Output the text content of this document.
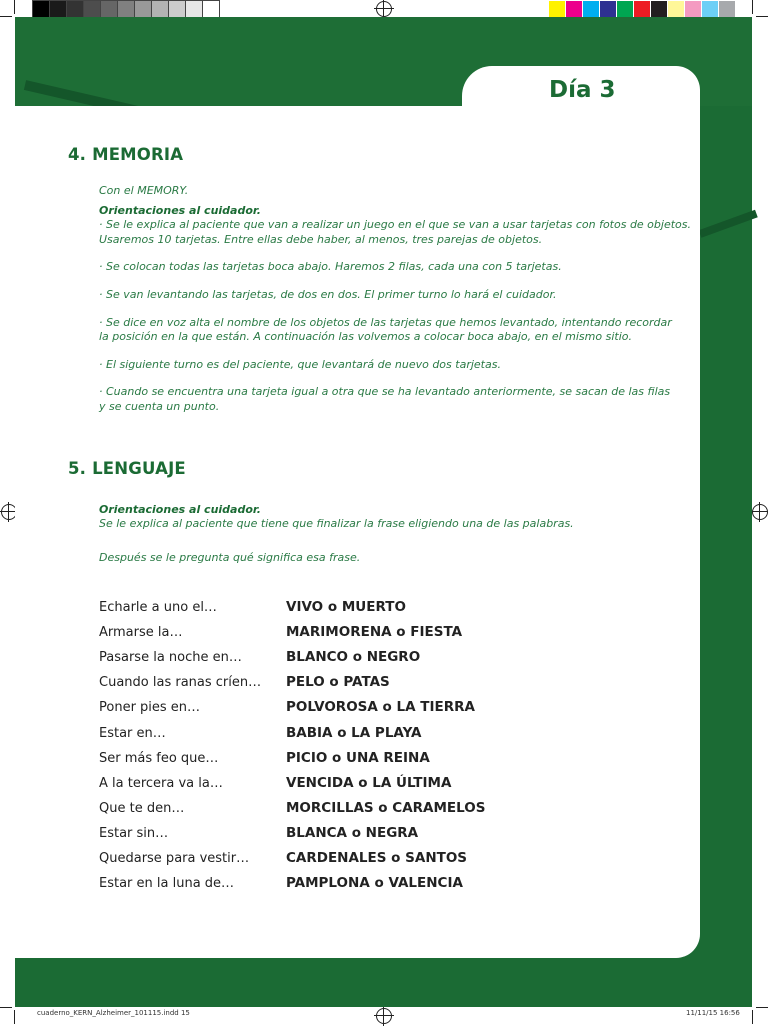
Día 3
4. MEMORIA
Con el MEMORY.
Orientaciones al cuidador.
· Se le explica al paciente que van a realizar un juego en el que se van a usar tarjetas con fotos de objetos.
Usaremos 10 tarjetas. Entre ellas debe haber, al menos, tres parejas de objetos.
· Se colocan todas las tarjetas boca abajo. Haremos 2 filas, cada una con 5 tarjetas.
· Se van levantando las tarjetas, de dos en dos. El primer turno lo hará el cuidador.
· Se dice en voz alta el nombre de los objetos de las tarjetas que hemos levantado, intentando recordar
la posición en la que están. A continuación las volvemos a colocar boca abajo, en el mismo sitio.
· El siguiente turno es del paciente, que levantará de nuevo dos tarjetas.
· Cuando se encuentra una tarjeta igual a otra que se ha levantado anteriormente, se sacan de las filas
y se cuenta un punto.
5. LENGUAJE
Orientaciones al cuidador.
Se le explica al paciente que tiene que finalizar la frase eligiendo una de las palabras.
Después se le pregunta qué significa esa frase.
Echarle a uno el…	VIVO o MUERTO
Armarse la…	MARIMORENA o FIESTA
Pasarse la noche en…	BLANCO o NEGRO
Cuando las ranas críen… PELO o PATAS
Poner pies en…	POLVOROSA o LA TIERRA
Estar en…	BABIA o LA PLAYA
Ser más feo que…	PICIO o UNA REINA
A la tercera va la…	VENCIDA o LA ÚLTIMA
Que te den…	MORCILLAS o CARAMELOS
Estar sin…	BLANCA o NEGRA
Quedarse para vestir…	CARDENALES o SANTOS
Estar en la luna de…	PAMPLONA o VALENCIA
cuaderno_KERN_Alzheimer_101115.indd 15	11/11/15 16:56
